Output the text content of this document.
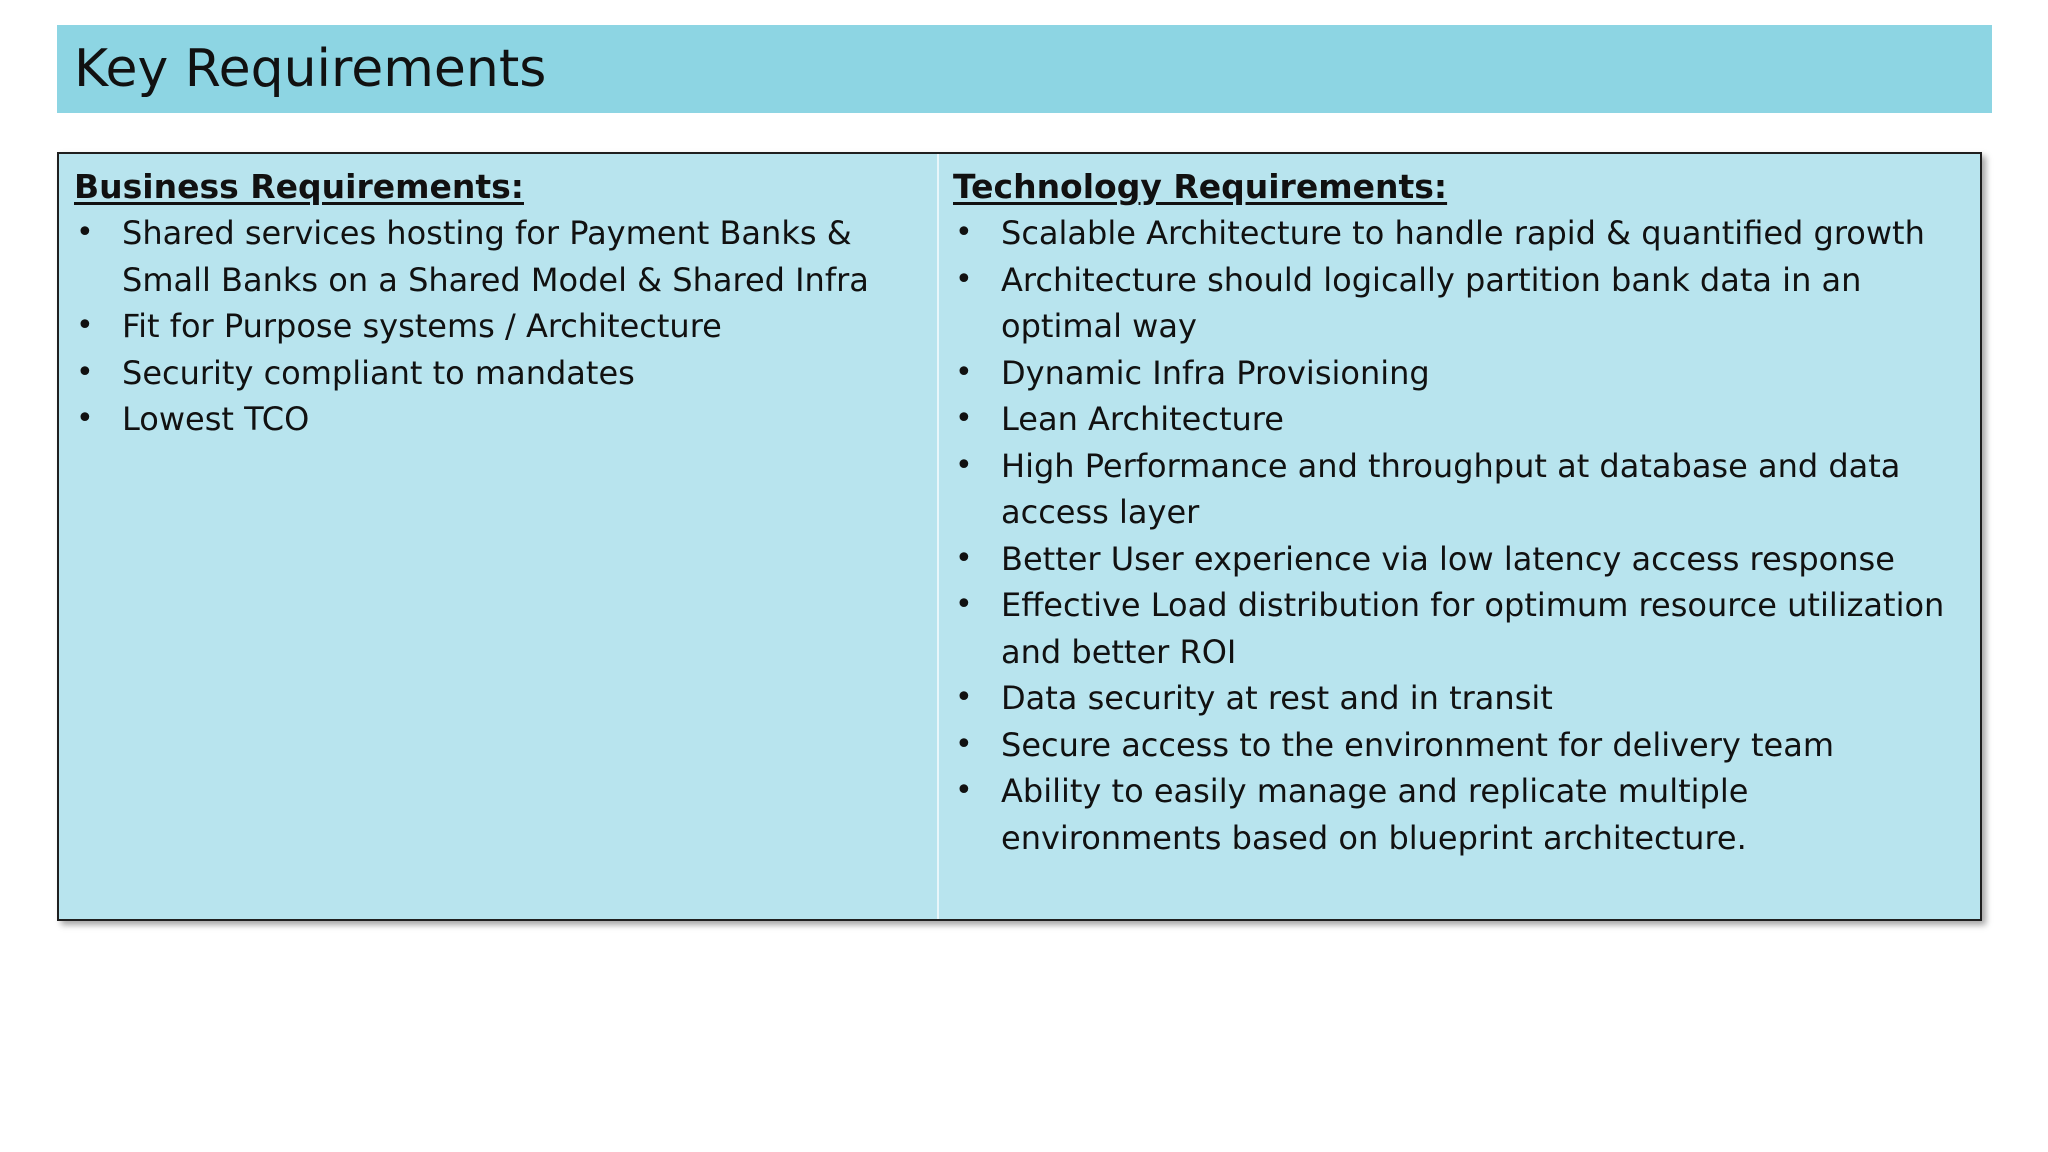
Key Requirements
Business Requirements:
• Shared services hosting for Payment Banks & Small Banks on a Shared Model & Shared Infra
• Fit for Purpose systems / Architecture
• Security compliant to mandates
• Lowest TCO
Technology Requirements:
• Scalable Architecture to handle rapid & quantified growth
• Architecture should logically partition bank data in an optimal way
• Dynamic Infra Provisioning
• Lean Architecture
• High Performance and throughput at database and data access layer
• Better User experience via low latency access response
• Effective Load distribution for optimum resource utilization and better ROI
• Data security at rest and in transit
• Secure access to the environment for delivery team
• Ability to easily manage and replicate multiple environments based on blueprint architecture.
